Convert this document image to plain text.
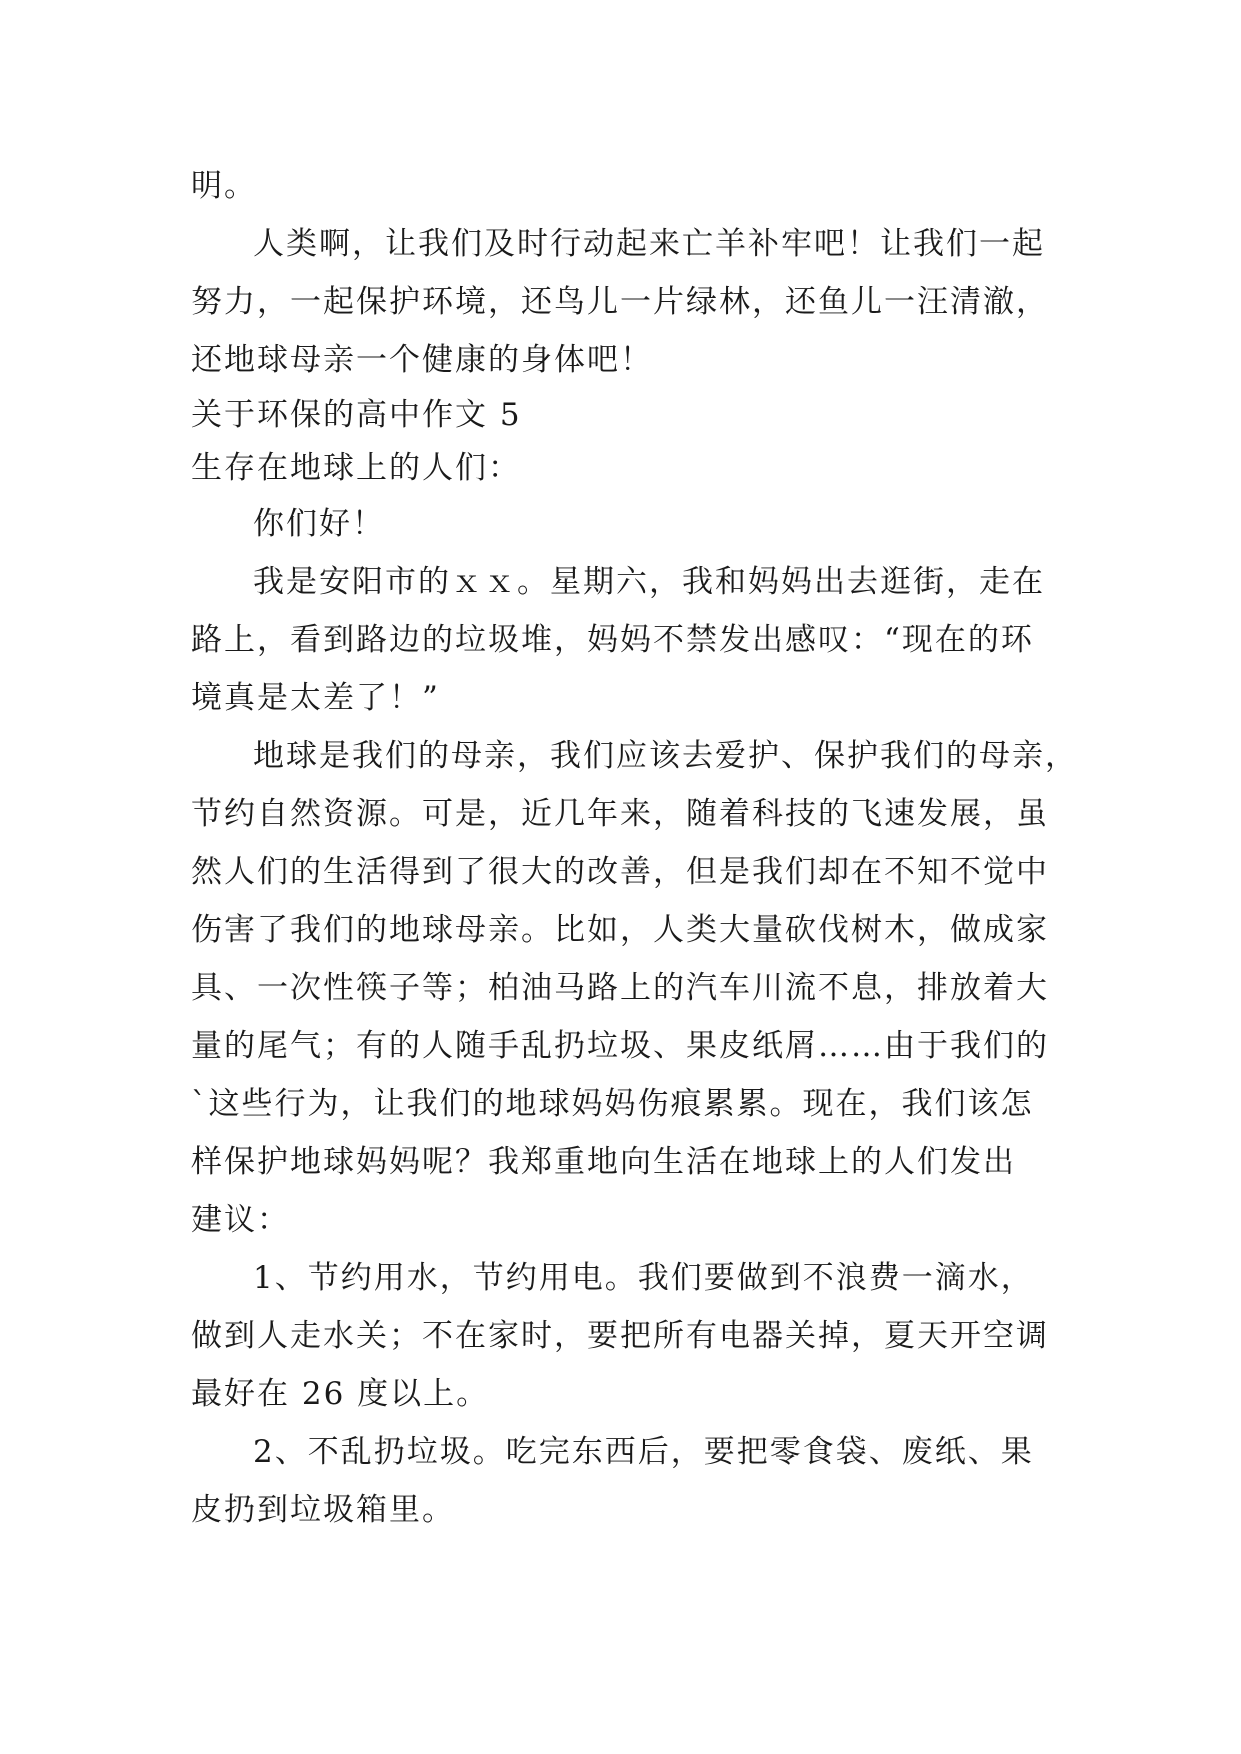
明。
人类啊，让我们及时行动起来亡羊补牢吧！让我们一起
努力，一起保护环境，还鸟儿一片绿林，还鱼儿一汪清澈，
还地球母亲一个健康的身体吧！
关于环保的高中作文 5
生存在地球上的人们：
你们好！
我是安阳市的ｘｘ。星期六，我和妈妈出去逛街，走在
路上，看到路边的垃圾堆，妈妈不禁发出感叹：“现在的环
境真是太差了！”
地球是我们的母亲，我们应该去爱护、保护我们的母亲，
节约自然资源。可是，近几年来，随着科技的飞速发展，虽
然人们的生活得到了很大的改善，但是我们却在不知不觉中
伤害了我们的地球母亲。比如，人类大量砍伐树木，做成家
具、一次性筷子等；柏油马路上的汽车川流不息，排放着大
量的尾气；有的人随手乱扔垃圾、果皮纸屑……由于我们的
`这些行为，让我们的地球妈妈伤痕累累。现在，我们该怎
样保护地球妈妈呢？我郑重地向生活在地球上的人们发出
建议：
1、节约用水，节约用电。我们要做到不浪费一滴水，
做到人走水关；不在家时，要把所有电器关掉，夏天开空调
最好在 26 度以上。
2、不乱扔垃圾。吃完东西后，要把零食袋、废纸、果
皮扔到垃圾箱里。
